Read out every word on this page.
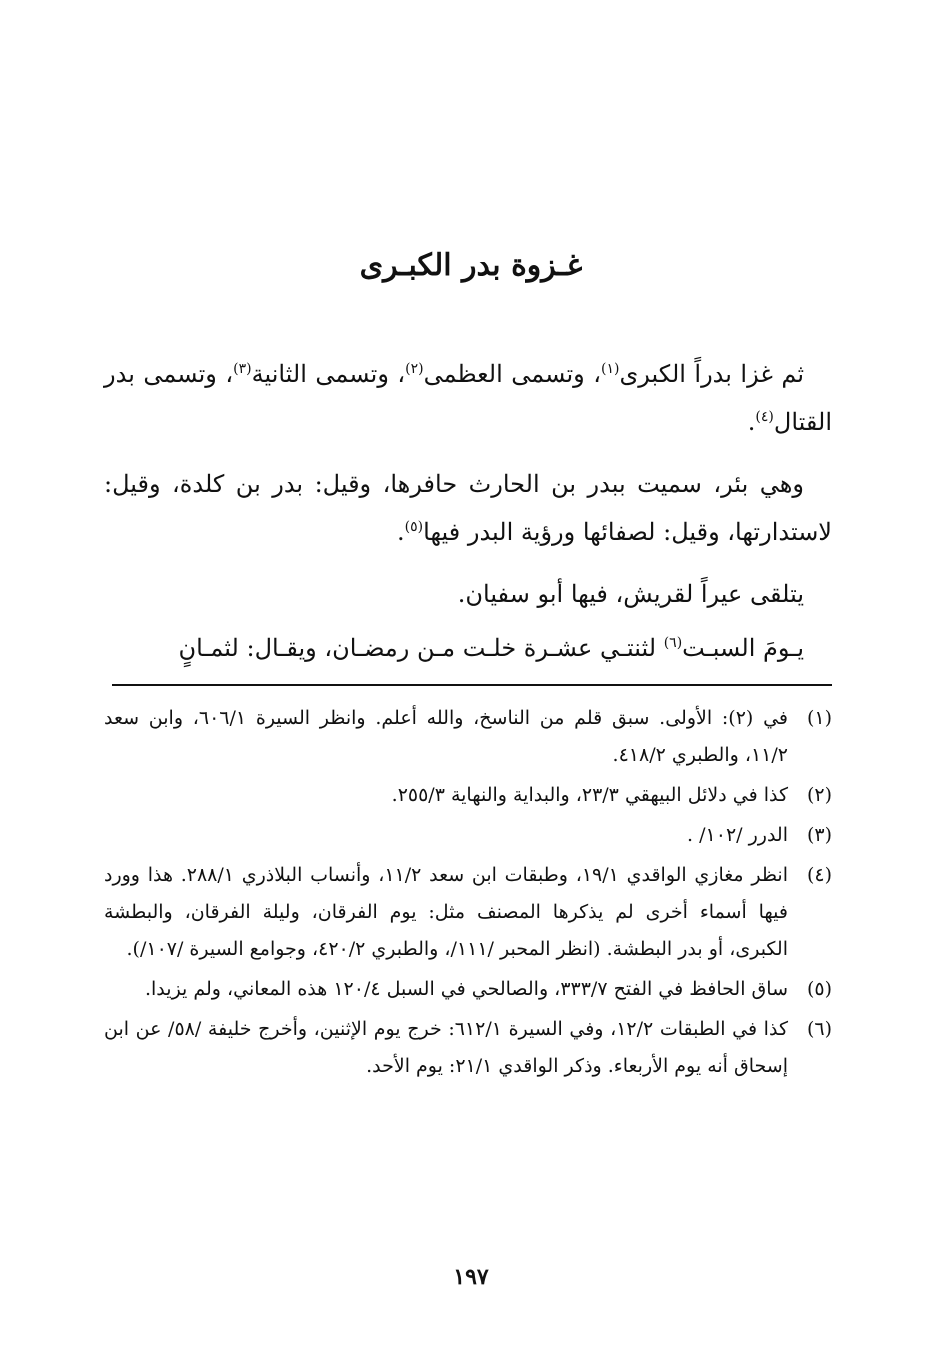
غـزوة بدر الكبـرى

ثم غزا بدراً الكبرى$^{(١)}$، وتسمى العظمى$^{(٢)}$، وتسمى الثانية$^{(٣)}$، وتسمى بدر القتال$^{(٤)}$.

وهي بئر، سميت ببدر بن الحارث حافرها، وقيل: بدر بن كلدة، وقيل: لاستدارتها، وقيل: لصفائها ورؤية البدر فيها$^{(٥)}$.

يتلقى عيراً لقريش، فيها أبو سفيان.

يـومَ السبـت$^{(٦)}$ لثنتـي عشـرة خلـت مـن رمضـان، ويقـال: لثمـانٍ

(١)
في (٢): الأولى. سبق قلم من الناسخ، والله أعلم. وانظر السيرة ٦٠٦/١، وابن سعد ١١/٢، والطبري ٤١٨/٢.
(٢)
كذا في دلائل البيهقي ٢٣/٣، والبداية والنهاية ٢٥٥/٣.
(٣)
الدرر /١٠٢/ .
(٤)
انظر مغازي الواقدي ١٩/١، وطبقات ابن سعد ١١/٢، وأنساب البلاذري ٢٨٨/١. هذا وورد فيها أسماء أخرى لم يذكرها المصنف مثل: يوم الفرقان، وليلة الفرقان، والبطشة الكبرى، أو بدر البطشة. (انظر المحبر /١١١/، والطبري ٤٢٠/٢، وجوامع السيرة /١٠٧/).
(٥)
ساق الحافظ في الفتح ٣٣٣/٧، والصالحي في السبل ١٢٠/٤ هذه المعاني، ولم يزيدا.
(٦)
كذا في الطبقات ١٢/٢، وفي السيرة ٦١٢/١: خرج يوم الإثنين، وأخرج خليفة /٥٨/ عن ابن إسحاق أنه يوم الأربعاء. وذكر الواقدي ٢١/١: يوم الأحد.
١٩٧
